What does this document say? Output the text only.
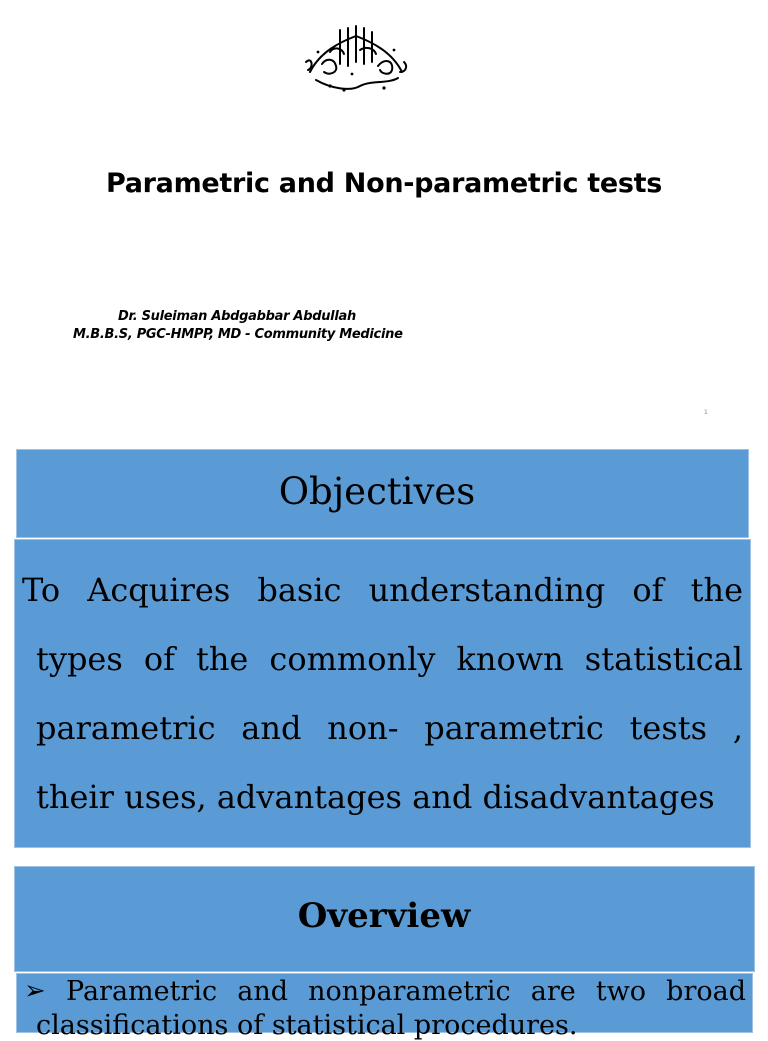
Parametric and Non-parametric tests
Dr. Suleiman Abdgabbar Abdullah
M.B.B.S, PGC-HMPP, MD - Community Medicine
1
Objectives
To Acquires basic understanding of the
types of the commonly known statistical
parametric and non- parametric tests ,
their uses, advantages and disadvantages
Overview
➢ Parametric and nonparametric are two broad
classifications of statistical procedures.
